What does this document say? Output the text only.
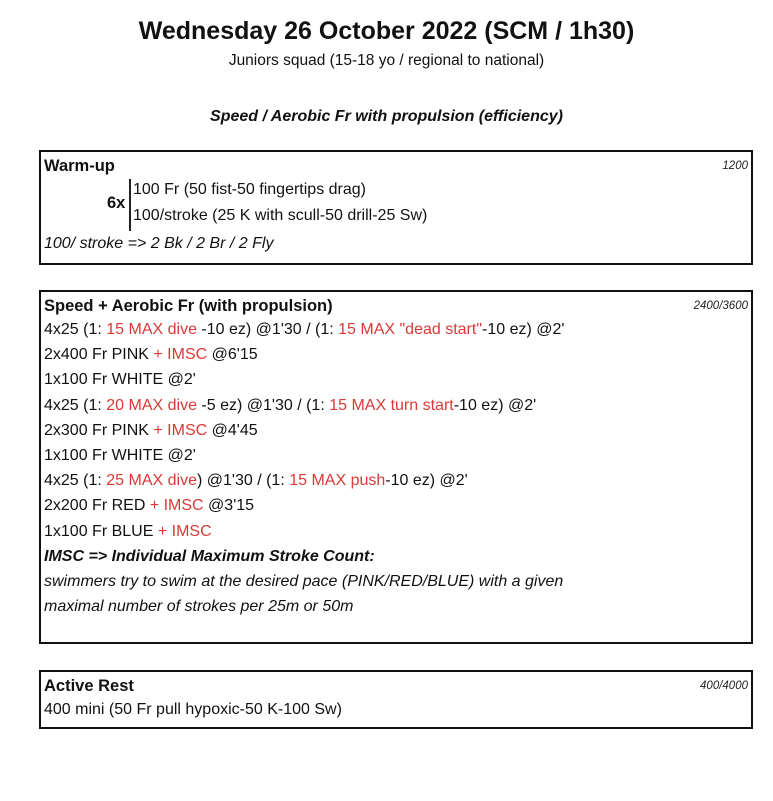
Wednesday 26 October 2022 (SCM / 1h30)
Juniors squad (15-18 yo / regional to national)
Speed / Aerobic Fr with propulsion (efficiency)
Warm-up	1200
6x
100 Fr (50 fist-50 fingertips drag)
100/stroke (25 K with scull-50 drill-25 Sw)
100/ stroke => 2 Bk / 2 Br / 2 Fly
Speed + Aerobic Fr (with propulsion)	2400/3600
4x25 (1: 15 MAX dive -10 ez) @1'30 / (1: 15 MAX "dead start"-10 ez) @2'
2x400 Fr PINK + IMSC @6'15
1x100 Fr WHITE @2'
4x25 (1: 20 MAX dive -5 ez) @1'30 / (1: 15 MAX turn start-10 ez) @2'
2x300 Fr PINK + IMSC @4'45
1x100 Fr WHITE @2'
4x25 (1: 25 MAX dive) @1'30 / (1: 15 MAX push-10 ez) @2'
2x200 Fr RED + IMSC @3'15
1x100 Fr BLUE + IMSC
IMSC => Individual Maximum Stroke Count:
swimmers try to swim at the desired pace (PINK/RED/BLUE) with a given
maximal number of strokes per 25m or 50m
Active Rest	400/4000
400 mini (50 Fr pull hypoxic-50 K-100 Sw)
